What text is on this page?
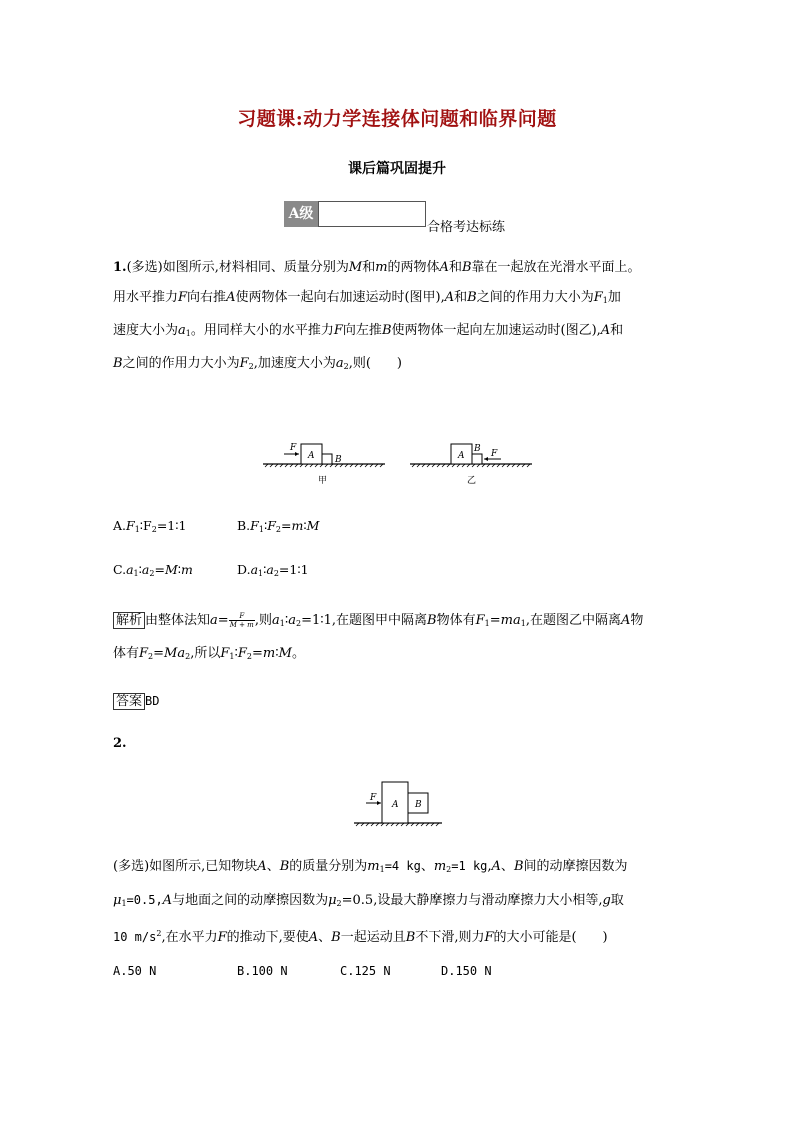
习题课:动力学连接体问题和临界问题
课后篇巩固提升
A级
合格考达标练
1.(多选)如图所示,材料相同、质量分别为M和m的两物体A和B靠在一起放在光滑水平面上。
用水平推力F向右推A使两物体一起向右加速运动时(图甲),A和B之间的作用力大小为$F_1$加
速度大小为$a_1$。用同样大小的水平推力F向左推B使两物体一起向左加速运动时(图乙),A和
B之间的作用力大小为$F_2$,加速度大小为$a_2$,则(　　)
F
A B
甲
F
A
B
乙
$A.F_1∶F_2=1∶1$	$B.F_1∶F_2=m∶M$
$C.a_1∶a_2=M∶m$	$D.a_1∶a_2=1∶1$
解析 由整体法知$a= \frac{F}{M + m}$ ,则$a_1∶a_2=1∶1$,在题图甲中隔离B物体有$F_1=ma_1$,在题图乙中隔离A物
体有$F_2=Ma_2$,所以$F_1∶F_2=m∶M$。
答案 BD
2.
F
A B
(多选)如图所示,已知物块A、B的质量分别为$m_1=4$ kg、$m_2=1$ kg,A、B间的动摩擦因数为
$\mu_1=0.5,A$与地面之间的动摩擦因数为$\mu_2=0.5$,设最大静摩擦力与滑动摩擦力大小相等,g取
10 $m/s^2$,在水平力F的推动下,要使A、B一起运动且B不下滑,则力F的大小可能是(　　)
A.50 N	B.100 N	C.125 N	D.150 N
